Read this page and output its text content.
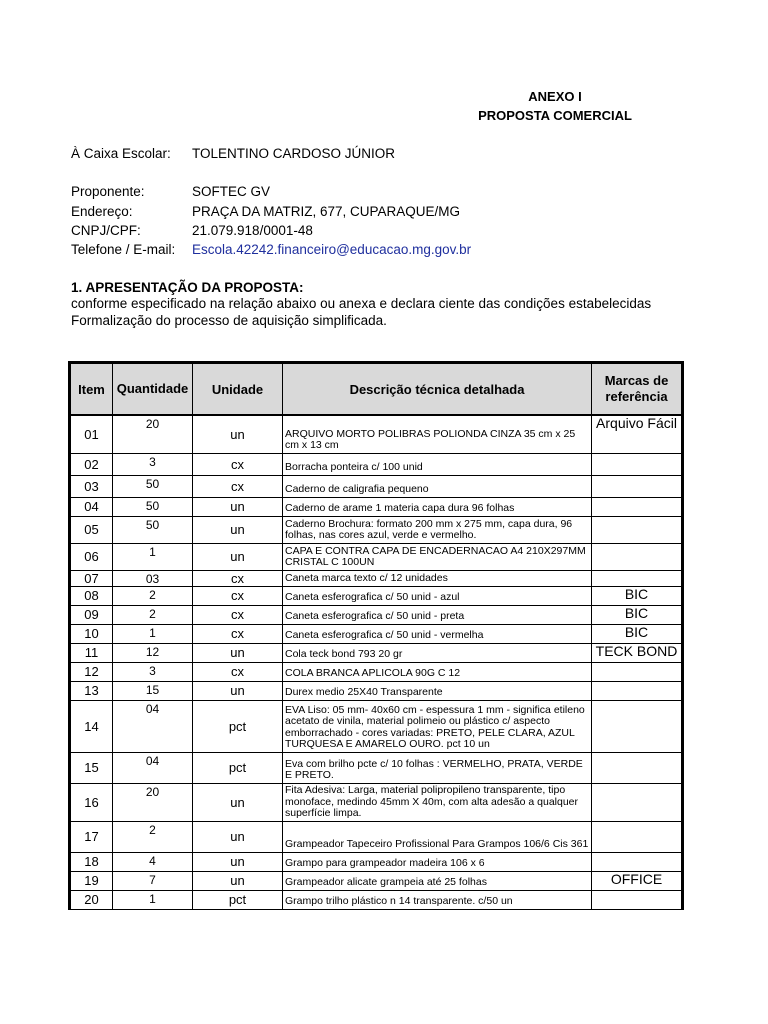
ANEXO I
PROPOSTA COMERCIAL
À Caixa Escolar: TOLENTINO CARDOSO JÚNIOR
Proponente:	SOFTEC GV
Endereço:	PRAÇA DA MATRIZ, 677, CUPARAQUE/MG
CNPJ/CPF:	21.079.918/0001-48
Telefone / E-mail: Escola.42242.financeiro@educacao.mg.gov.br
1. APRESENTAÇÃO DA PROPOSTA:
conforme especificado na relação abaixo ou anexa e declara ciente das condições estabelecidas
Formalização do processo de aquisição simplificada.
Item	Quantidade	Unidade	Descrição técnica detalhada	Marcas de referência
01	20	un	ARQUIVO MORTO POLIBRAS POLIONDA CINZA 35 cm x 25 cm x 13 cm	Arquivo Fácil
02	3	cx	Borracha ponteira c/ 100 unid	
03	50	cx	Caderno de caligrafia pequeno	
04	50	un	Caderno de arame 1 materia capa dura 96 folhas	
05	50	un	Caderno Brochura: formato 200 mm x 275 mm, capa dura, 96 folhas, nas cores azul, verde e vermelho.	
06	1	un	CAPA E CONTRA CAPA DE ENCADERNACAO A4 210X297MM CRISTAL C 100UN	
07	03	cx	Caneta marca texto c/ 12 unidades	
08	2	cx	Caneta esferografica c/ 50 unid - azul	BIC
09	2	cx	Caneta esferografica c/ 50 unid - preta	BIC
10	1	cx	Caneta esferografica c/ 50 unid - vermelha	BIC
11	12	un	Cola teck bond 793 20 gr	TECK BOND
12	3	cx	COLA BRANCA APLICOLA 90G C 12	
13	15	un	Durex medio 25X40 Transparente	
14	04	pct	EVA Liso: 05 mm- 40x60 cm - espessura 1 mm - significa etileno acetato de vinila, material polimeio ou plástico c/ aspecto emborrachado - cores variadas: PRETO, PELE CLARA, AZUL TURQUESA E AMARELO OURO. pct 10 un	
15	04	pct	Eva com brilho pcte c/ 10 folhas : VERMELHO, PRATA, VERDE E PRETO.	
16	20	un	Fita Adesiva: Larga, material polipropileno transparente, tipo monoface, medindo 45mm X 40m, com alta adesão a qualquer superfície limpa.	
17	2	un	Grampeador Tapeceiro Profissional Para Grampos 106/6 Cis 361	
18	4	un	Grampo para grampeador madeira 106 x 6	
19	7	un	Grampeador alicate grampeia até 25 folhas	OFFICE
20	1	pct	Grampo trilho plástico n 14 transparente. c/50 un	
